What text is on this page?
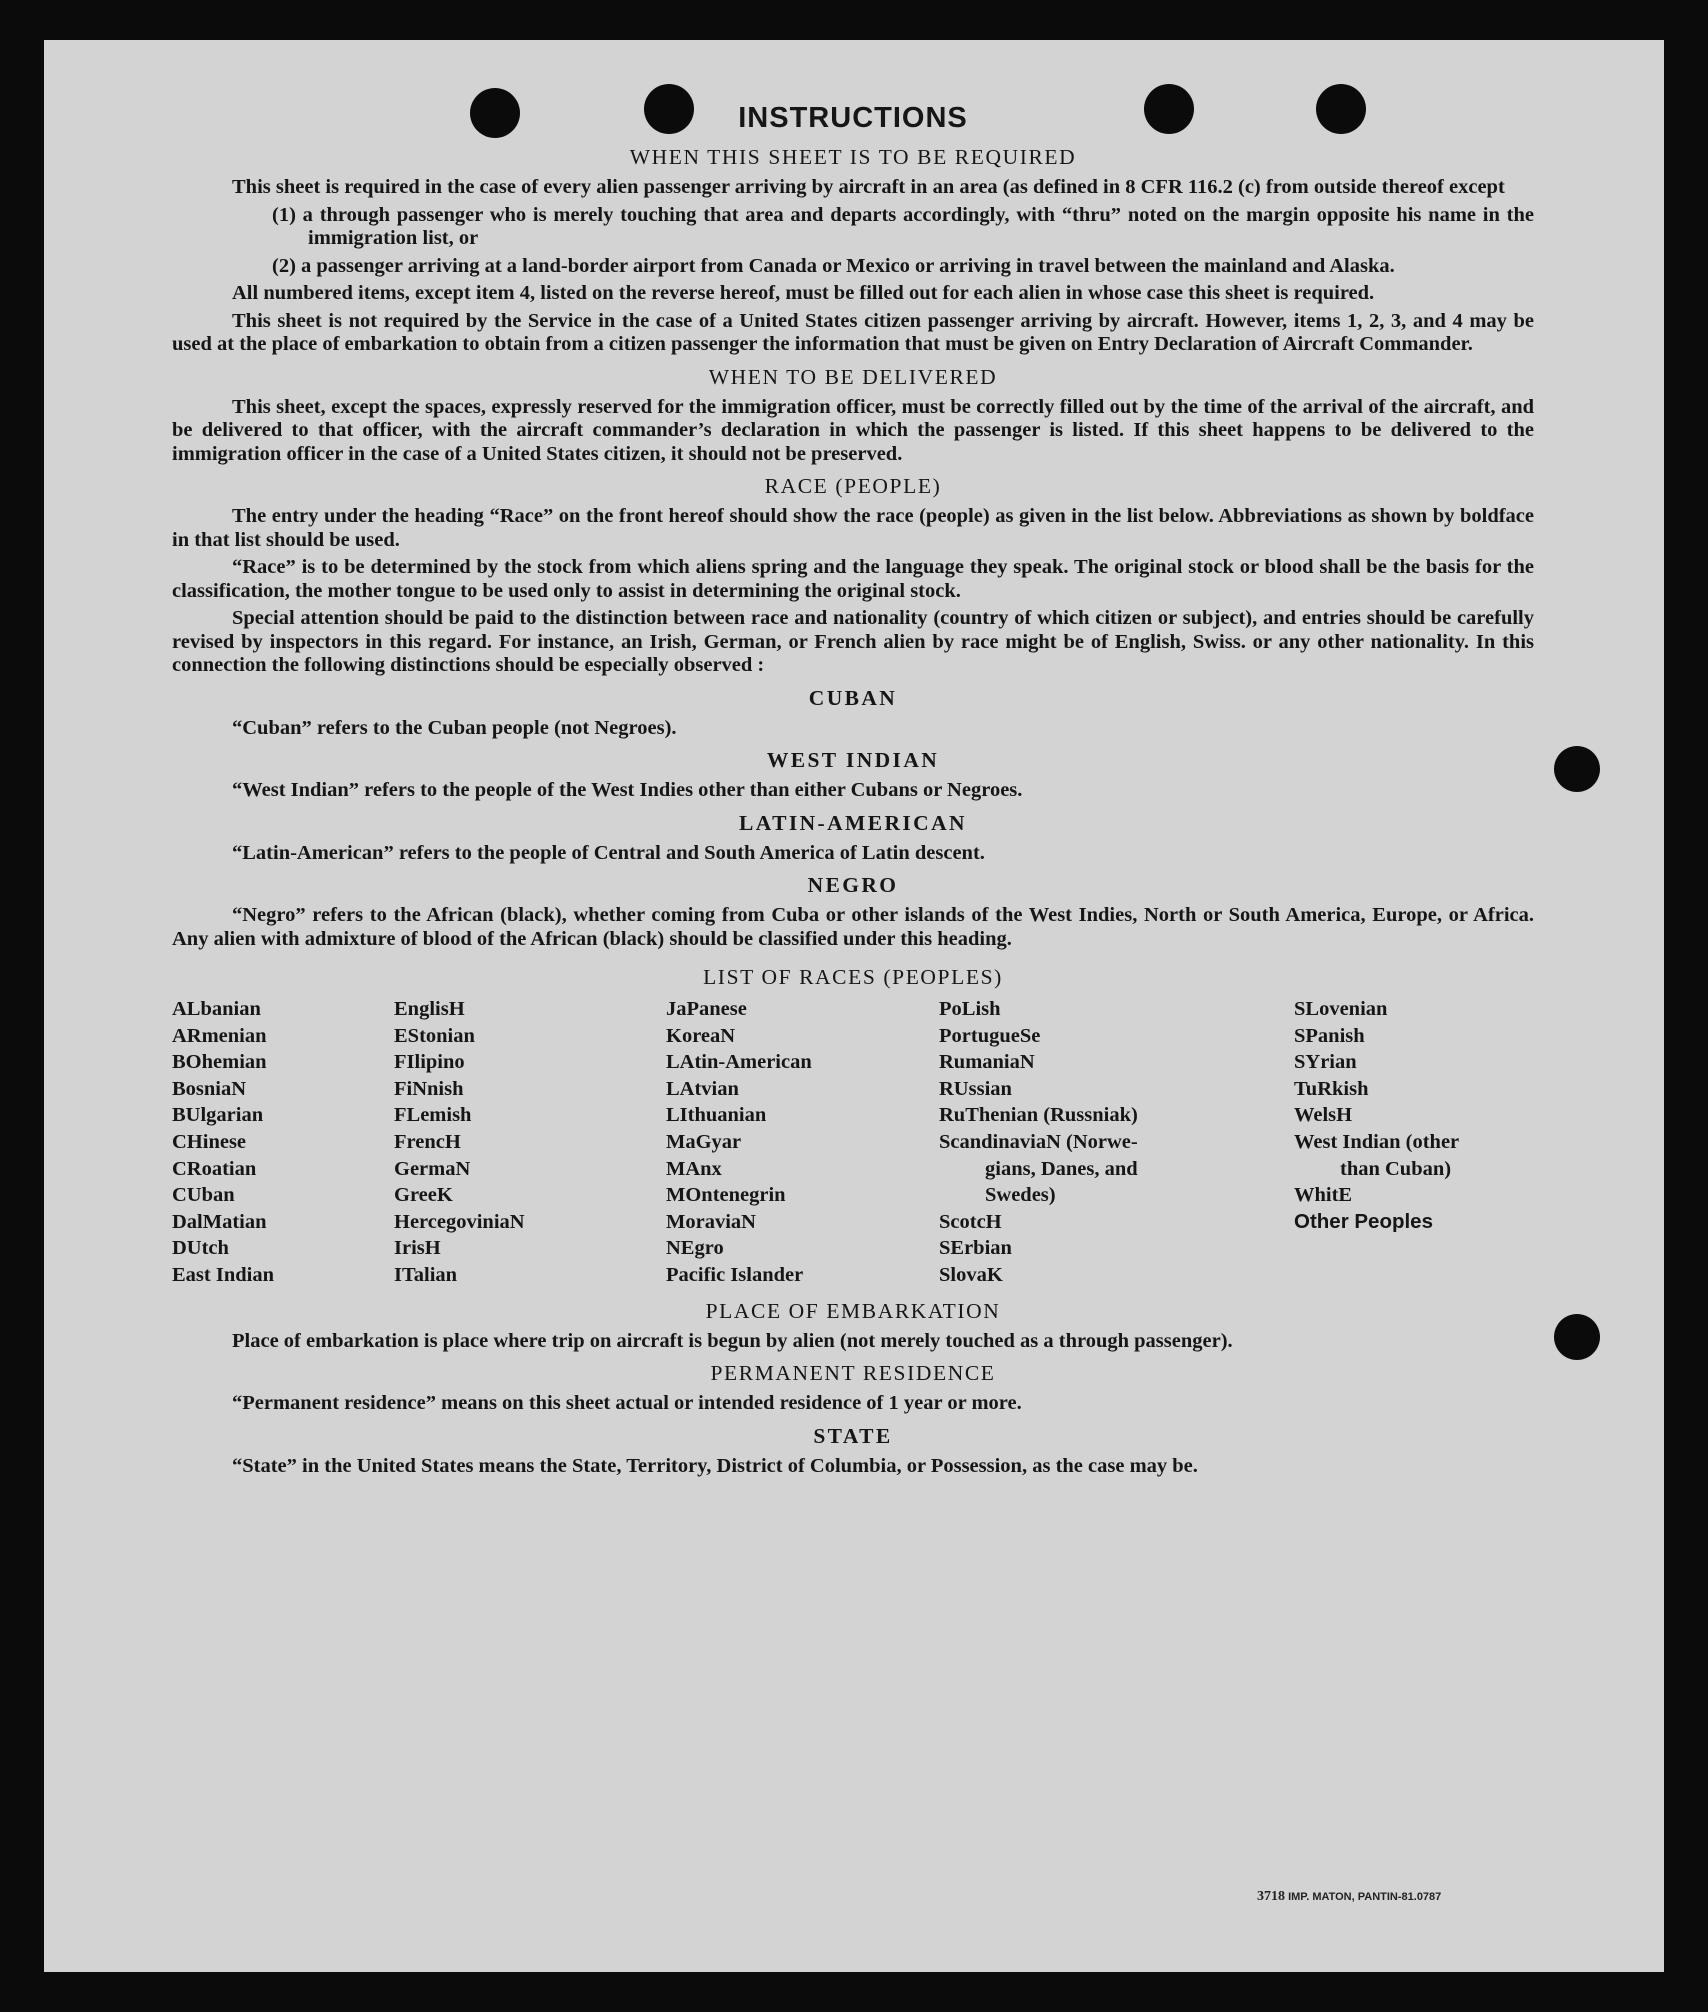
INSTRUCTIONS
WHEN THIS SHEET IS TO BE REQUIRED

This sheet is required in the case of every alien passenger arriving by aircraft in an area (as defined in 8 CFR 116.2 (c) from outside thereof except

(1) a through passenger who is merely touching that area and departs accordingly, with “thru” noted on the margin opposite his name in the immigration list, or

(2) a passenger arriving at a land-border airport from Canada or Mexico or arriving in travel between the mainland and Alaska.

All numbered items, except item 4, listed on the reverse hereof, must be filled out for each alien in whose case this sheet is required.

This sheet is not required by the Service in the case of a United States citizen passenger arriving by aircraft. However, items 1, 2, 3, and 4 may be used at the place of embarkation to obtain from a citizen passenger the information that must be given on Entry Declaration of Aircraft Commander.

WHEN TO BE DELIVERED

This sheet, except the spaces, expressly reserved for the immigration officer, must be correctly filled out by the time of the arrival of the aircraft, and be delivered to that officer, with the aircraft commander’s declaration in which the passenger is listed. If this sheet happens to be delivered to the immigration officer in the case of a United States citizen, it should not be preserved.

RACE (PEOPLE)

The entry under the heading “Race” on the front hereof should show the race (people) as given in the list below. Abbreviations as shown by boldface in that list should be used.

“Race” is to be determined by the stock from which aliens spring and the language they speak. The original stock or blood shall be the basis for the classification, the mother tongue to be used only to assist in determining the original stock.

Special attention should be paid to the distinction between race and nationality (country of which citizen or subject), and entries should be carefully revised by inspectors in this regard. For instance, an Irish, German, or French alien by race might be of English, Swiss. or any other nationality. In this connection the following distinctions should be especially observed :

CUBAN

“Cuban” refers to the Cuban people (not Negroes).

WEST INDIAN

“West Indian” refers to the people of the West Indies other than either Cubans or Negroes.

LATIN-AMERICAN

“Latin-American” refers to the people of Central and South America of Latin descent.

NEGRO

“Negro” refers to the African (black), whether coming from Cuba or other islands of the West Indies, North or South America, Europe, or Africa. Any alien with admixture of blood of the African (black) should be classified under this heading.

LIST OF RACES (PEOPLES)
ALbanian
ARmenian
BOhemian
BosniaN
BUlgarian
CHinese
CRoatian
CUban
DalMatian
DUtch
East Indian
EnglisH
EStonian
FIlipino
FiNnish
FLemish
FrencH
GermaN
GreeK
HercegoviniaN
IrisH
ITalian
JaPanese
KoreaN
LAtin-American
LAtvian
LIthuanian
MaGyar
MAnx
MOntenegrin
MoraviaN
NEgro
Pacific Islander
PoLish
PortugueSe
RumaniaN
RUssian
RuThenian (Russniak)
ScandinaviaN (Norwe-
gians, Danes, and
Swedes)
ScotcH
SErbian
SlovaK
SLovenian
SPanish
SYrian
TuRkish
WelsH
West Indian (other
than Cuban)
WhitE
Other Peoples
PLACE OF EMBARKATION

Place of embarkation is place where trip on aircraft is begun by alien (not merely touched as a through passenger).

PERMANENT RESIDENCE

“Permanent residence” means on this sheet actual or intended residence of 1 year or more.

STATE

“State” in the United States means the State, Territory, District of Columbia, or Possession, as the case may be.

3718 IMP. MATON, PANTIN-81.0787
